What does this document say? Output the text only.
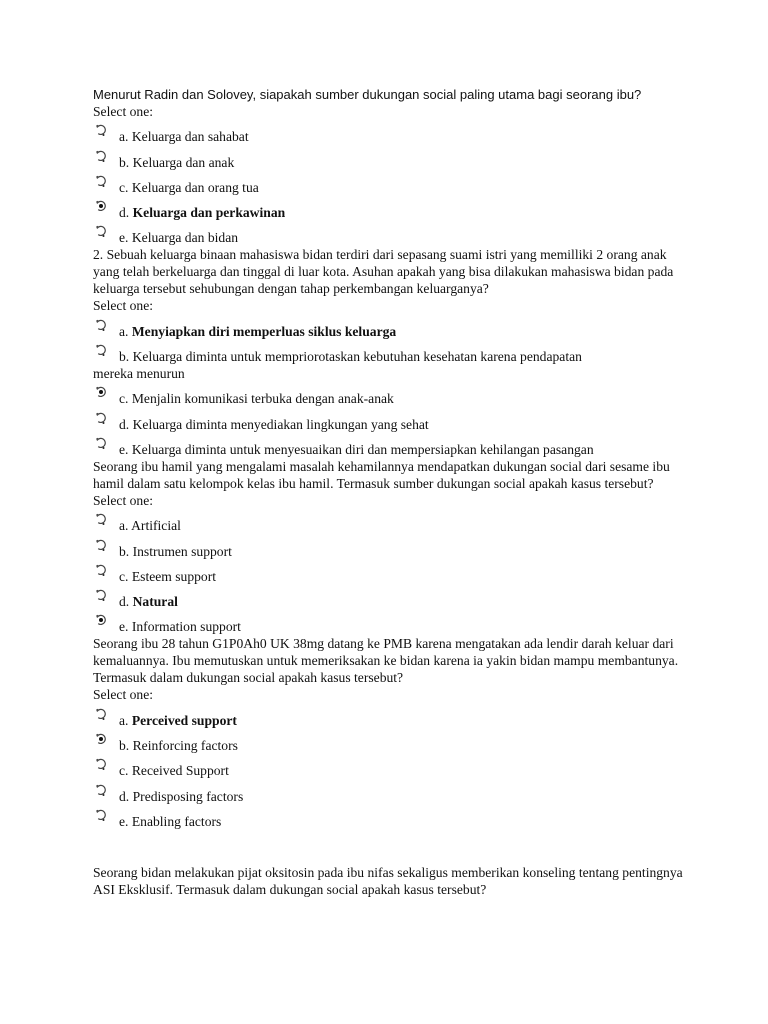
Menurut Radin dan Solovey, siapakah sumber dukungan social paling utama bagi seorang ibu?
Select one:
a. Keluarga dan sahabat
b. Keluarga dan anak
c. Keluarga dan orang tua
d. Keluarga dan perkawinan
e. Keluarga dan bidan
2. Sebuah keluarga binaan mahasiswa bidan terdiri dari sepasang suami istri yang memilliki 2 orang anak yang telah berkeluarga dan tinggal di luar kota. Asuhan apakah yang bisa dilakukan mahasiswa bidan pada keluarga tersebut sehubungan dengan tahap perkembangan keluarganya?
Select one:
a. Menyiapkan diri memperluas siklus keluarga
b. Keluarga diminta untuk mempriorotaskan kebutuhan kesehatan karena pendapatan
mereka menurun
c. Menjalin komunikasi terbuka dengan anak-anak
d. Keluarga diminta menyediakan lingkungan yang sehat
e. Keluarga diminta untuk menyesuaikan diri dan mempersiapkan kehilangan pasangan
Seorang ibu hamil yang mengalami masalah kehamilannya mendapatkan dukungan social dari sesame ibu hamil dalam satu kelompok kelas ibu hamil. Termasuk sumber dukungan social apakah kasus tersebut?
Select one:
a. Artificial
b. Instrumen support
c. Esteem support
d. Natural
e. Information support
Seorang ibu 28 tahun G1P0Ah0 UK 38mg datang ke PMB karena mengatakan ada lendir darah keluar dari kemaluannya. Ibu memutuskan untuk memeriksakan ke bidan karena ia yakin bidan mampu membantunya. Termasuk dalam dukungan social apakah kasus tersebut?
Select one:
a. Perceived support
b. Reinforcing factors
c. Received Support
d. Predisposing factors
e. Enabling factors
Seorang bidan melakukan pijat oksitosin pada ibu nifas sekaligus memberikan konseling tentang pentingnya ASI Eksklusif. Termasuk dalam dukungan social apakah kasus tersebut?
